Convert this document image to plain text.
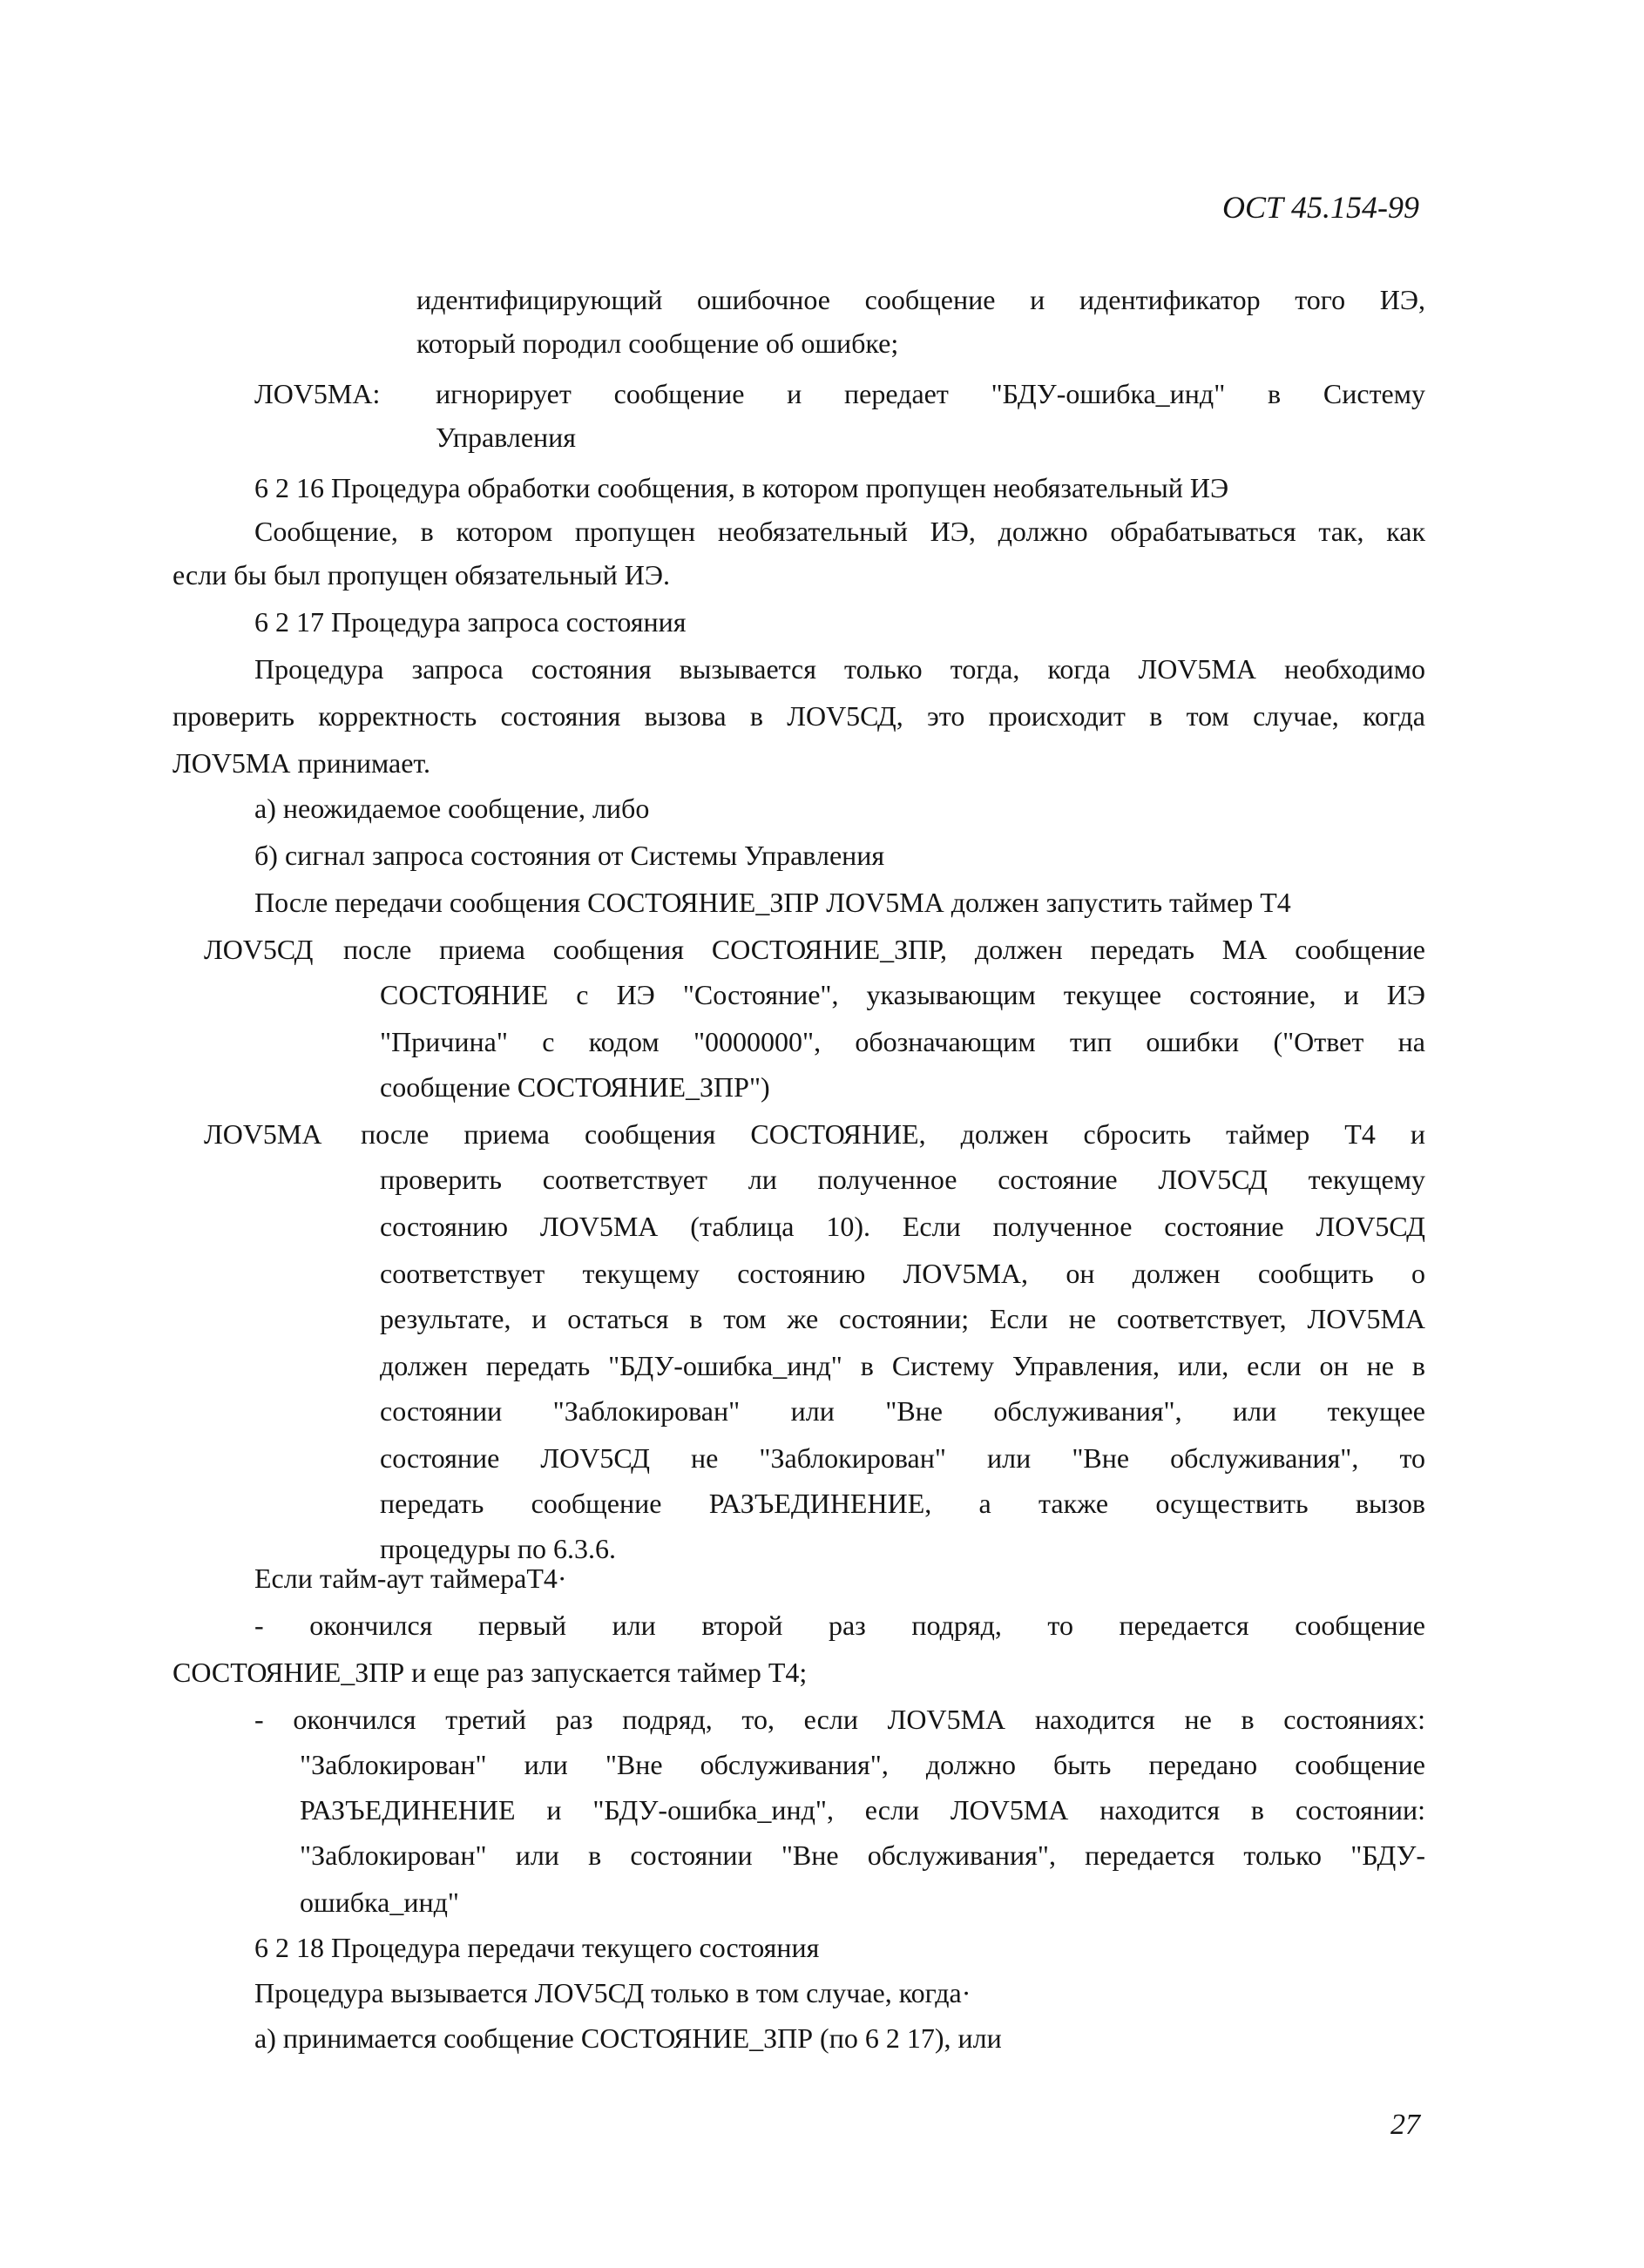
ОСТ 45.154-99
идентифицирующий ошибочное сообщение и идентификатор того ИЭ,
который породил сообщение об ошибке;
ЛОV5МА: игнорирует сообщение и передает "БДУ-ошибка_инд" в Систему
Управления
6 2 16 Процедура обработки сообщения, в котором пропущен необязательный ИЭ
Сообщение, в котором пропущен необязательный ИЭ, должно обрабатываться так, как
если бы был пропущен обязательный ИЭ.
6 2 17 Процедура запроса состояния
Процедура запроса состояния вызывается только тогда, когда ЛОV5МА необходимо
проверить корректность состояния вызова в ЛОV5СД, это происходит в том случае, когда
ЛОV5МА принимает.
а) неожидаемое сообщение, либо
б) сигнал запроса состояния от Системы Управления
После передачи сообщения СОСТОЯНИЕ_ЗПР ЛОV5МА должен запустить таймер Т4
ЛОV5СД после приема сообщения СОСТОЯНИЕ_ЗПР, должен передать МА сообщение
СОСТОЯНИЕ с ИЭ "Состояние", указывающим текущее состояние, и ИЭ
"Причина" с кодом "0000000", обозначающим тип ошибки ("Ответ на
сообщение СОСТОЯНИЕ_ЗПР")
ЛОV5МА после приема сообщения СОСТОЯНИЕ, должен сбросить таймер Т4 и
проверить соответствует ли полученное состояние ЛОV5СД текущему
состоянию ЛОV5МА (таблица 10). Если полученное состояние ЛОV5СД
соответствует текущему состоянию ЛОV5МА, он должен сообщить о
результате, и остаться в том же состоянии; Если не соответствует, ЛОV5МА
должен передать "БДУ-ошибка_инд" в Систему Управления, или, если он не в
состоянии "Заблокирован" или "Вне обслуживания", или текущее
состояние ЛОV5СД не "Заблокирован" или "Вне обслуживания", то
передать сообщение РАЗЪЕДИНЕНИЕ, а также осуществить вызов
процедуры по 6.3.6.
Если тайм-аут таймераТ4·
- окончился первый или второй раз подряд, то передается сообщение
СОСТОЯНИЕ_ЗПР и еще раз запускается таймер Т4;
- окончился третий раз подряд, то, если ЛОV5МА находится не в состояниях:
"Заблокирован" или "Вне обслуживания", должно быть передано сообщение
РАЗЪЕДИНЕНИЕ и "БДУ-ошибка_инд", если ЛОV5МА находится в состоянии:
"Заблокирован" или в состоянии "Вне обслуживания", передается только "БДУ-
ошибка_инд"
6 2 18 Процедура передачи текущего состояния
Процедура вызывается ЛОV5СД только в том случае, когда·
а) принимается сообщение СОСТОЯНИЕ_ЗПР (по 6 2 17), или
27
